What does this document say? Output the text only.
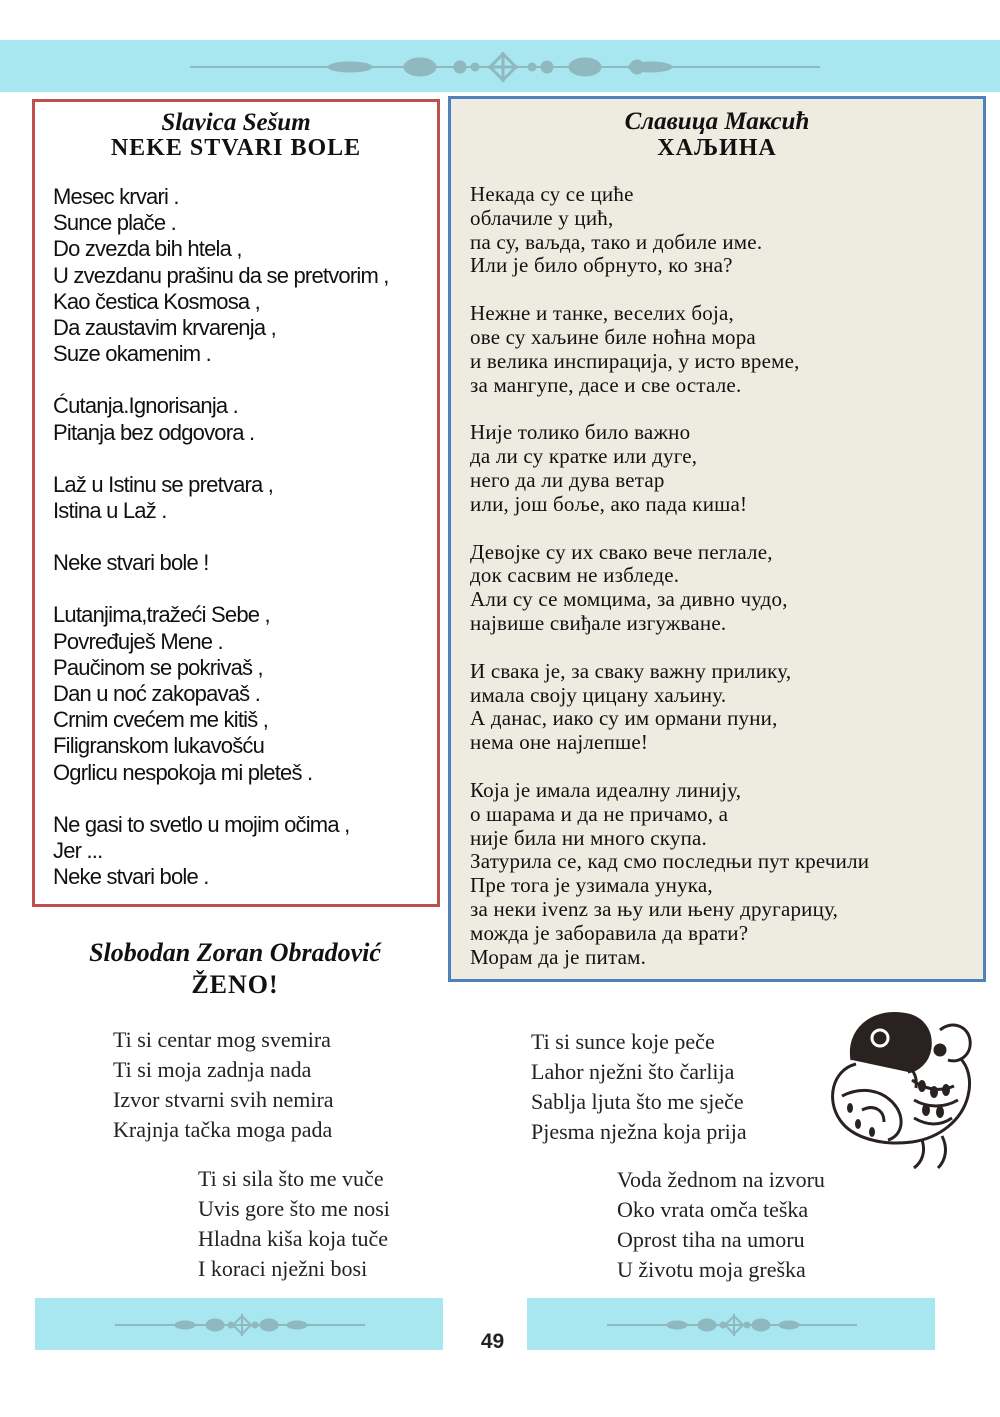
Slavica Sešum
NEKE STVARI BOLE
Mesec krvari .
Sunce plače .
Do zvezda bih htela ,
U zvezdanu prašinu da se pretvorim ,
Kao čestica Kosmosa ,
Da zaustavim krvarenja ,
Suze okamenim .
Ćutanja.Ignorisanja .
Pitanja bez odgovora .
Laž u Istinu se pretvara ,
Istina u Laž .
Neke stvari bole !
Lutanjima,tražeći Sebe ,
Povređuješ Mene .
Paučinom se pokrivaš ,
Dan u noć zakopavaš .
Crnim cvećem me kitiš ,
Filigranskom lukavošću
Ogrlicu nespokoja mi pleteš .
Ne gasi to svetlo u mojim očima ,
Jer ...
Neke stvari bole .
Славица Максић
ХАЉИНА
Некада су се циће
облачиле у цић,
па су, ваљда, тако и добиле име.
Или је било обрнуто, ко зна?
Нежне и танке, веселих боја,
ове су хаљине биле ноћна мора
и велика инспирација, у исто време,
за мангупе, дасе и све остале.
Није толико било важно
да ли су кратке или дуге,
него да ли дува ветар
или, још боље, ако пада киша!
Девојке су их свако вече пеглале,
док сасвим не избледе.
Али су се момцима, за дивно чудо,
највише свиђале изгужване.
И свака је, за сваку важну прилику,
имала своју цицану хаљину.
А данас, иако су им ормани пуни,
нема оне најлепше!
Која је имала идеалну линију,
о шарама и да не причамо, а
није била ни много скупа.
Затурила се, кад смо последњи пут кречили
Пре тога је узимала унука,
за неки ivenz за њу или њену другарицу,
можда је заборавила да врати?
Морам да је питам.
Slobodan Zoran Obradović
ŽENO!
Ti si centar mog svemira
Ti si moja zadnja nada
Izvor stvarni svih nemira
Krajnja tačka moga pada
Ti si sila što me vuče
Uvis gore što me nosi
Hladna kiša koja tuče
I koraci nježni bosi
Ti si sunce koje peče
Lahor nježni što čarlija
Sablja ljuta što me sječe
Pjesma nježna koja prija
Voda žednom na izvoru
Oko vrata omča teška
Oprost tiha na umoru
U životu moja greška
49
